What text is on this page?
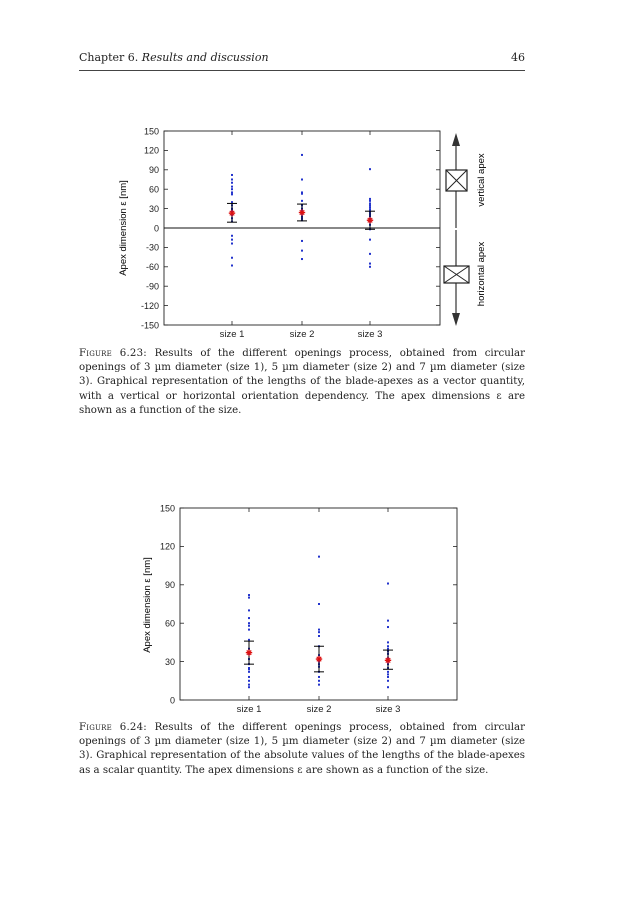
Chapter 6. Results and discussion	46
150
120
90
60
30
0
-30
-60
-90
-120
-150
size 1	size 2	size 3
Apex dimension ε [nm]
vertical apex
horizontal apex
Figure 6.23: Results of the different openings process, obtained from circular openings of 3 µm diameter (size 1), 5 µm diameter (size 2) and 7 µm diameter (size 3). Graphical representation of the lengths of the blade-apexes as a vector quantity, with a vertical or horizontal orientation dependency. The apex dimensions ε are shown as a function of the size.
150
120
90
60
30
0
size 1	size 2	size 3
Apex dimension ε [nm]
Figure 6.24: Results of the different openings process, obtained from circular openings of 3 µm diameter (size 1), 5 µm diameter (size 2) and 7 µm diameter (size 3). Graphical representation of the absolute values of the lengths of the blade-apexes as a scalar quantity. The apex dimensions ε are shown as a function of the size.
